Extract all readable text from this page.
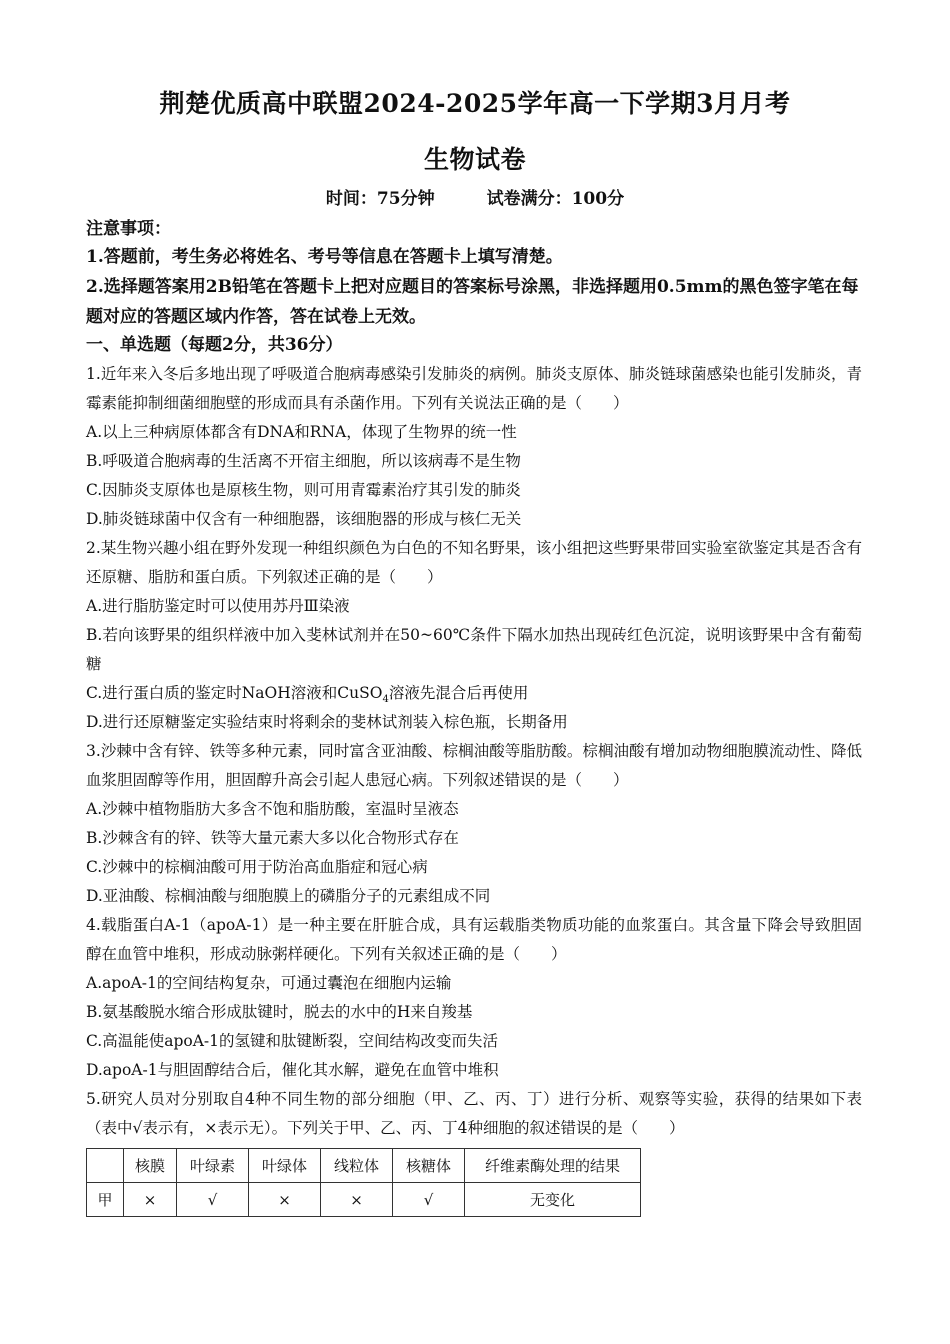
荆楚优质高中联盟2024-2025学年高一下学期3月月考
生物试卷
时间：75分钟	试卷满分：100分
注意事项：
1.答题前，考生务必将姓名、考号等信息在答题卡上填写清楚。
2.选择题答案用2B铅笔在答题卡上把对应题目的答案标号涂黑，非选择题用0.5mm的黑色签字笔在每题对应的答题区域内作答，答在试卷上无效。
一、单选题（每题2分，共36分）

1.近年来入冬后多地出现了呼吸道合胞病毒感染引发肺炎的病例。肺炎支原体、肺炎链球菌感染也能引发肺炎，青霉素能抑制细菌细胞壁的形成而具有杀菌作用。下列有关说法正确的是（　　）

A.以上三种病原体都含有DNA和RNA，体现了生物界的统一性

B.呼吸道合胞病毒的生活离不开宿主细胞，所以该病毒不是生物

C.因肺炎支原体也是原核生物，则可用青霉素治疗其引发的肺炎

D.肺炎链球菌中仅含有一种细胞器，该细胞器的形成与核仁无关

2.某生物兴趣小组在野外发现一种组织颜色为白色的不知名野果，该小组把这些野果带回实验室欲鉴定其是否含有还原糖、脂肪和蛋白质。下列叙述正确的是（　　）

A.进行脂肪鉴定时可以使用苏丹Ⅲ染液

B.若向该野果的组织样液中加入斐林试剂并在50~60℃条件下隔水加热出现砖红色沉淀，说明该野果中含有葡萄糖

C.进行蛋白质的鉴定时NaOH溶液和CuSO$_4$溶液先混合后再使用

D.进行还原糖鉴定实验结束时将剩余的斐林试剂装入棕色瓶，长期备用

3.沙棘中含有锌、铁等多种元素，同时富含亚油酸、棕榈油酸等脂肪酸。棕榈油酸有增加动物细胞膜流动性、降低血浆胆固醇等作用，胆固醇升高会引起人患冠心病。下列叙述错误的是（　　）

A.沙棘中植物脂肪大多含不饱和脂肪酸，室温时呈液态

B.沙棘含有的锌、铁等大量元素大多以化合物形式存在

C.沙棘中的棕榈油酸可用于防治高血脂症和冠心病

D.亚油酸、棕榈油酸与细胞膜上的磷脂分子的元素组成不同

4.载脂蛋白A-1（apoA-1）是一种主要在肝脏合成，具有运载脂类物质功能的血浆蛋白。其含量下降会导致胆固醇在血管中堆积，形成动脉粥样硬化。下列有关叙述正确的是（　　）

A.apoA-1的空间结构复杂，可通过囊泡在细胞内运输

B.氨基酸脱水缩合形成肽键时，脱去的水中的H来自羧基

C.高温能使apoA-1的氢键和肽键断裂，空间结构改变而失活

D.apoA-1与胆固醇结合后，催化其水解，避免在血管中堆积

5.研究人员对分别取自4种不同生物的部分细胞（甲、乙、丙、丁）进行分析、观察等实验，获得的结果如下表（表中√表示有，×表示无）。下列关于甲、乙、丙、丁4种细胞的叙述错误的是（　　）

	核膜	叶绿素	叶绿体	线粒体	核糖体	纤维素酶处理的结果
甲	×	√	×	×	√	无变化
